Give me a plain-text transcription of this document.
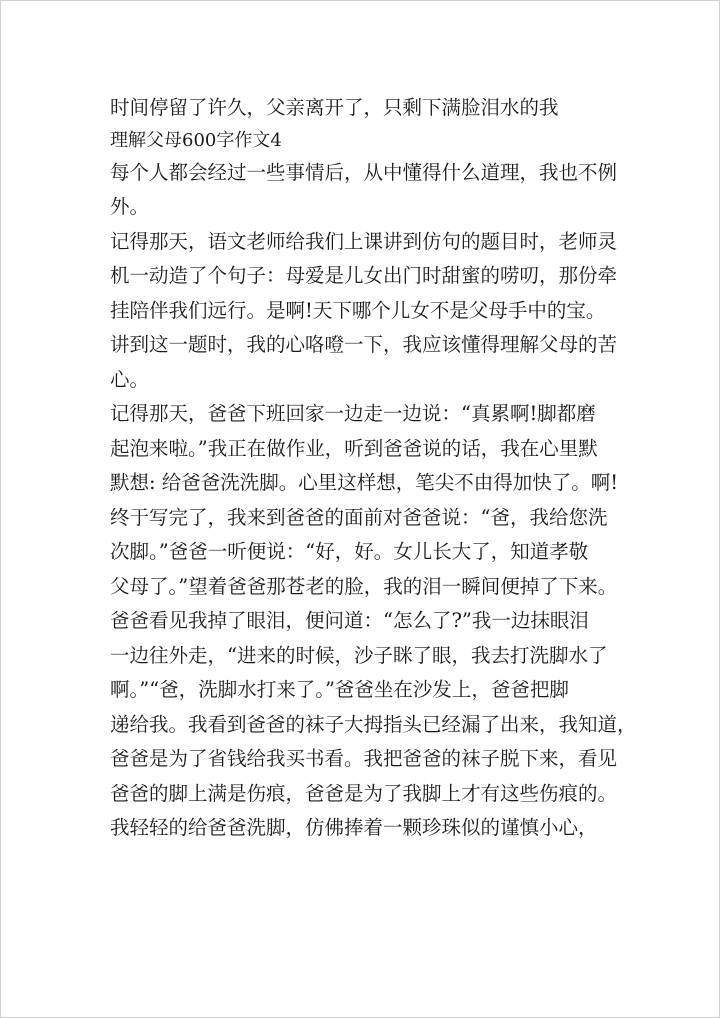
时间停留了许久，父亲离开了，只剩下满脸泪水的我
理解父母600字作文4
每个人都会经过一些事情后，从中懂得什么道理，我也不例
外。
记得那天，语文老师给我们上课讲到仿句的题目时，老师灵
机一动造了个句子：母爱是儿女出门时甜蜜的唠叨，那份牵
挂陪伴我们远行。是啊!天下哪个儿女不是父母手中的宝。
讲到这一题时，我的心咯噔一下，我应该懂得理解父母的苦
心。
记得那天，爸爸下班回家一边走一边说：“真累啊!脚都磨
起泡来啦。”我正在做作业，听到爸爸说的话，我在心里默
默想: 给爸爸洗洗脚。心里这样想，笔尖不由得加快了。啊!
终于写完了，我来到爸爸的面前对爸爸说：“爸，我给您洗
次脚。”爸爸一听便说：“好，好。女儿长大了，知道孝敬
父母了。”望着爸爸那苍老的脸，我的泪一瞬间便掉了下来。
爸爸看见我掉了眼泪，便问道：“怎么了?”我一边抹眼泪
一边往外走，“进来的时候，沙子眯了眼，我去打洗脚水了
啊。”“爸，洗脚水打来了。”爸爸坐在沙发上，爸爸把脚
递给我。我看到爸爸的袜子大拇指头已经漏了出来，我知道，
爸爸是为了省钱给我买书看。我把爸爸的袜子脱下来，看见
爸爸的脚上满是伤痕，爸爸是为了我脚上才有这些伤痕的。
我轻轻的给爸爸洗脚，仿佛捧着一颗珍珠似的谨慎小心，
